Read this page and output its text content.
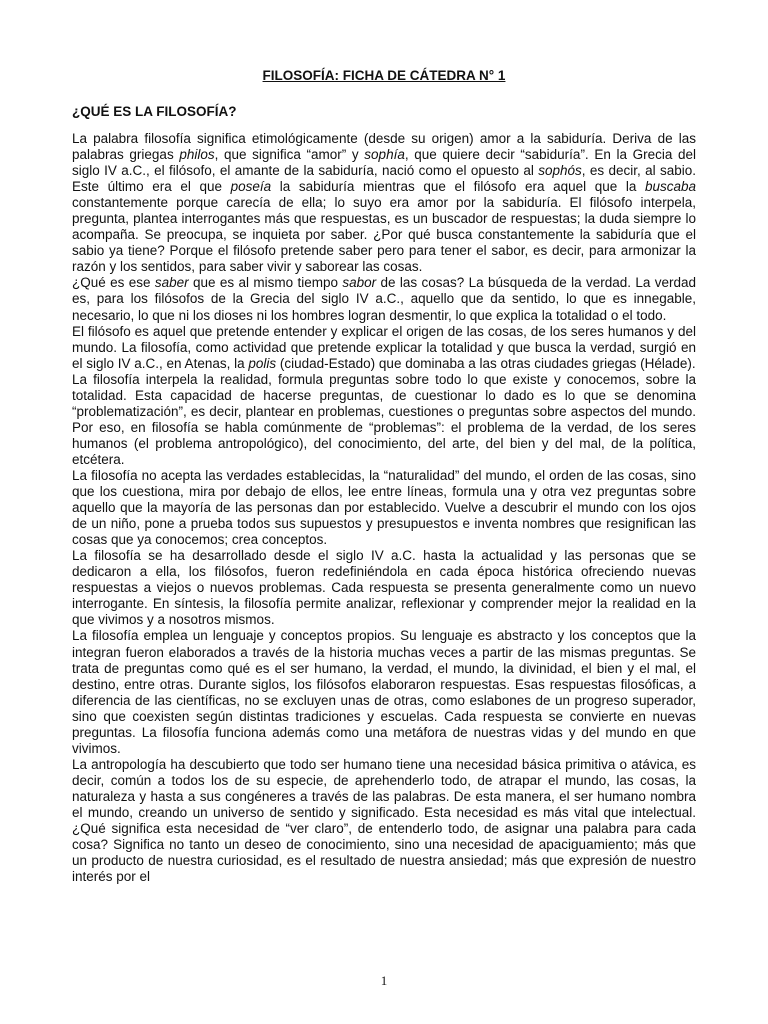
FILOSOFÍA: FICHA DE CÁTEDRA N° 1
¿QUÉ ES LA FILOSOFÍA?

La palabra filosofía significa etimológicamente (desde su origen) amor a la sabiduría. Deriva de las palabras griegas philos, que significa “amor” y sophía, que quiere decir “sabiduría”. En la Grecia del siglo IV a.C., el filósofo, el amante de la sabiduría, nació como el opuesto al sophós, es decir, al sabio. Este último era el que poseía la sabiduría mientras que el filósofo era aquel que la buscaba constantemente porque carecía de ella; lo suyo era amor por la sabiduría. El filósofo interpela, pregunta, plantea interrogantes más que respuestas, es un buscador de respuestas; la duda siempre lo acompaña. Se preocupa, se inquieta por saber. ¿Por qué busca constantemente la sabiduría que el sabio ya tiene? Porque el filósofo pretende saber pero para tener el sabor, es decir, para armonizar la razón y los sentidos, para saber vivir y saborear las cosas.

¿Qué es ese saber que es al mismo tiempo sabor de las cosas? La búsqueda de la verdad. La verdad es, para los filósofos de la Grecia del siglo IV a.C., aquello que da sentido, lo que es innegable, necesario, lo que ni los dioses ni los hombres logran desmentir, lo que explica la totalidad o el todo.

El filósofo es aquel que pretende entender y explicar el origen de las cosas, de los seres humanos y del mundo. La filosofía, como actividad que pretende explicar la totalidad y que busca la verdad, surgió en el siglo IV a.C., en Atenas, la polis (ciudad-Estado) que dominaba a las otras ciudades griegas (Hélade).

La filosofía interpela la realidad, formula preguntas sobre todo lo que existe y conocemos, sobre la totalidad. Esta capacidad de hacerse preguntas, de cuestionar lo dado es lo que se denomina “problematización”, es decir, plantear en problemas, cuestiones o preguntas sobre aspectos del mundo. Por eso, en filosofía se habla comúnmente de “problemas”: el problema de la verdad, de los seres humanos (el problema antropológico), del conocimiento, del arte, del bien y del mal, de la política, etcétera.

La filosofía no acepta las verdades establecidas, la “naturalidad” del mundo, el orden de las cosas, sino que los cuestiona, mira por debajo de ellos, lee entre líneas, formula una y otra vez preguntas sobre aquello que la mayoría de las personas dan por establecido. Vuelve a descubrir el mundo con los ojos de un niño, pone a prueba todos sus supuestos y presupuestos e inventa nombres que resignifican las cosas que ya conocemos; crea conceptos.

La filosofía se ha desarrollado desde el siglo IV a.C. hasta la actualidad y las personas que se dedicaron a ella, los filósofos, fueron redefiniéndola en cada época histórica ofreciendo nuevas respuestas a viejos o nuevos problemas. Cada respuesta se presenta generalmente como un nuevo interrogante. En síntesis, la filosofía permite analizar, reflexionar y comprender mejor la realidad en la que vivimos y a nosotros mismos.

La filosofía emplea un lenguaje y conceptos propios. Su lenguaje es abstracto y los conceptos que la integran fueron elaborados a través de la historia muchas veces a partir de las mismas preguntas. Se trata de preguntas como qué es el ser humano, la verdad, el mundo, la divinidad, el bien y el mal, el destino, entre otras. Durante siglos, los filósofos elaboraron respuestas. Esas respuestas filosóficas, a diferencia de las científicas, no se excluyen unas de otras, como eslabones de un progreso superador, sino que coexisten según distintas tradiciones y escuelas. Cada respuesta se convierte en nuevas preguntas. La filosofía funciona además como una metáfora de nuestras vidas y del mundo en que vivimos.

La antropología ha descubierto que todo ser humano tiene una necesidad básica primitiva o atávica, es decir, común a todos los de su especie, de aprehenderlo todo, de atrapar el mundo, las cosas, la naturaleza y hasta a sus congéneres a través de las palabras. De esta manera, el ser humano nombra el mundo, creando un universo de sentido y significado. Esta necesidad es más vital que intelectual. ¿Qué significa esta necesidad de “ver claro”, de entenderlo todo, de asignar una palabra para cada cosa? Significa no tanto un deseo de conocimiento, sino una necesidad de apaciguamiento; más que un producto de nuestra curiosidad, es el resultado de nuestra ansiedad; más que expresión de nuestro interés por el

1
